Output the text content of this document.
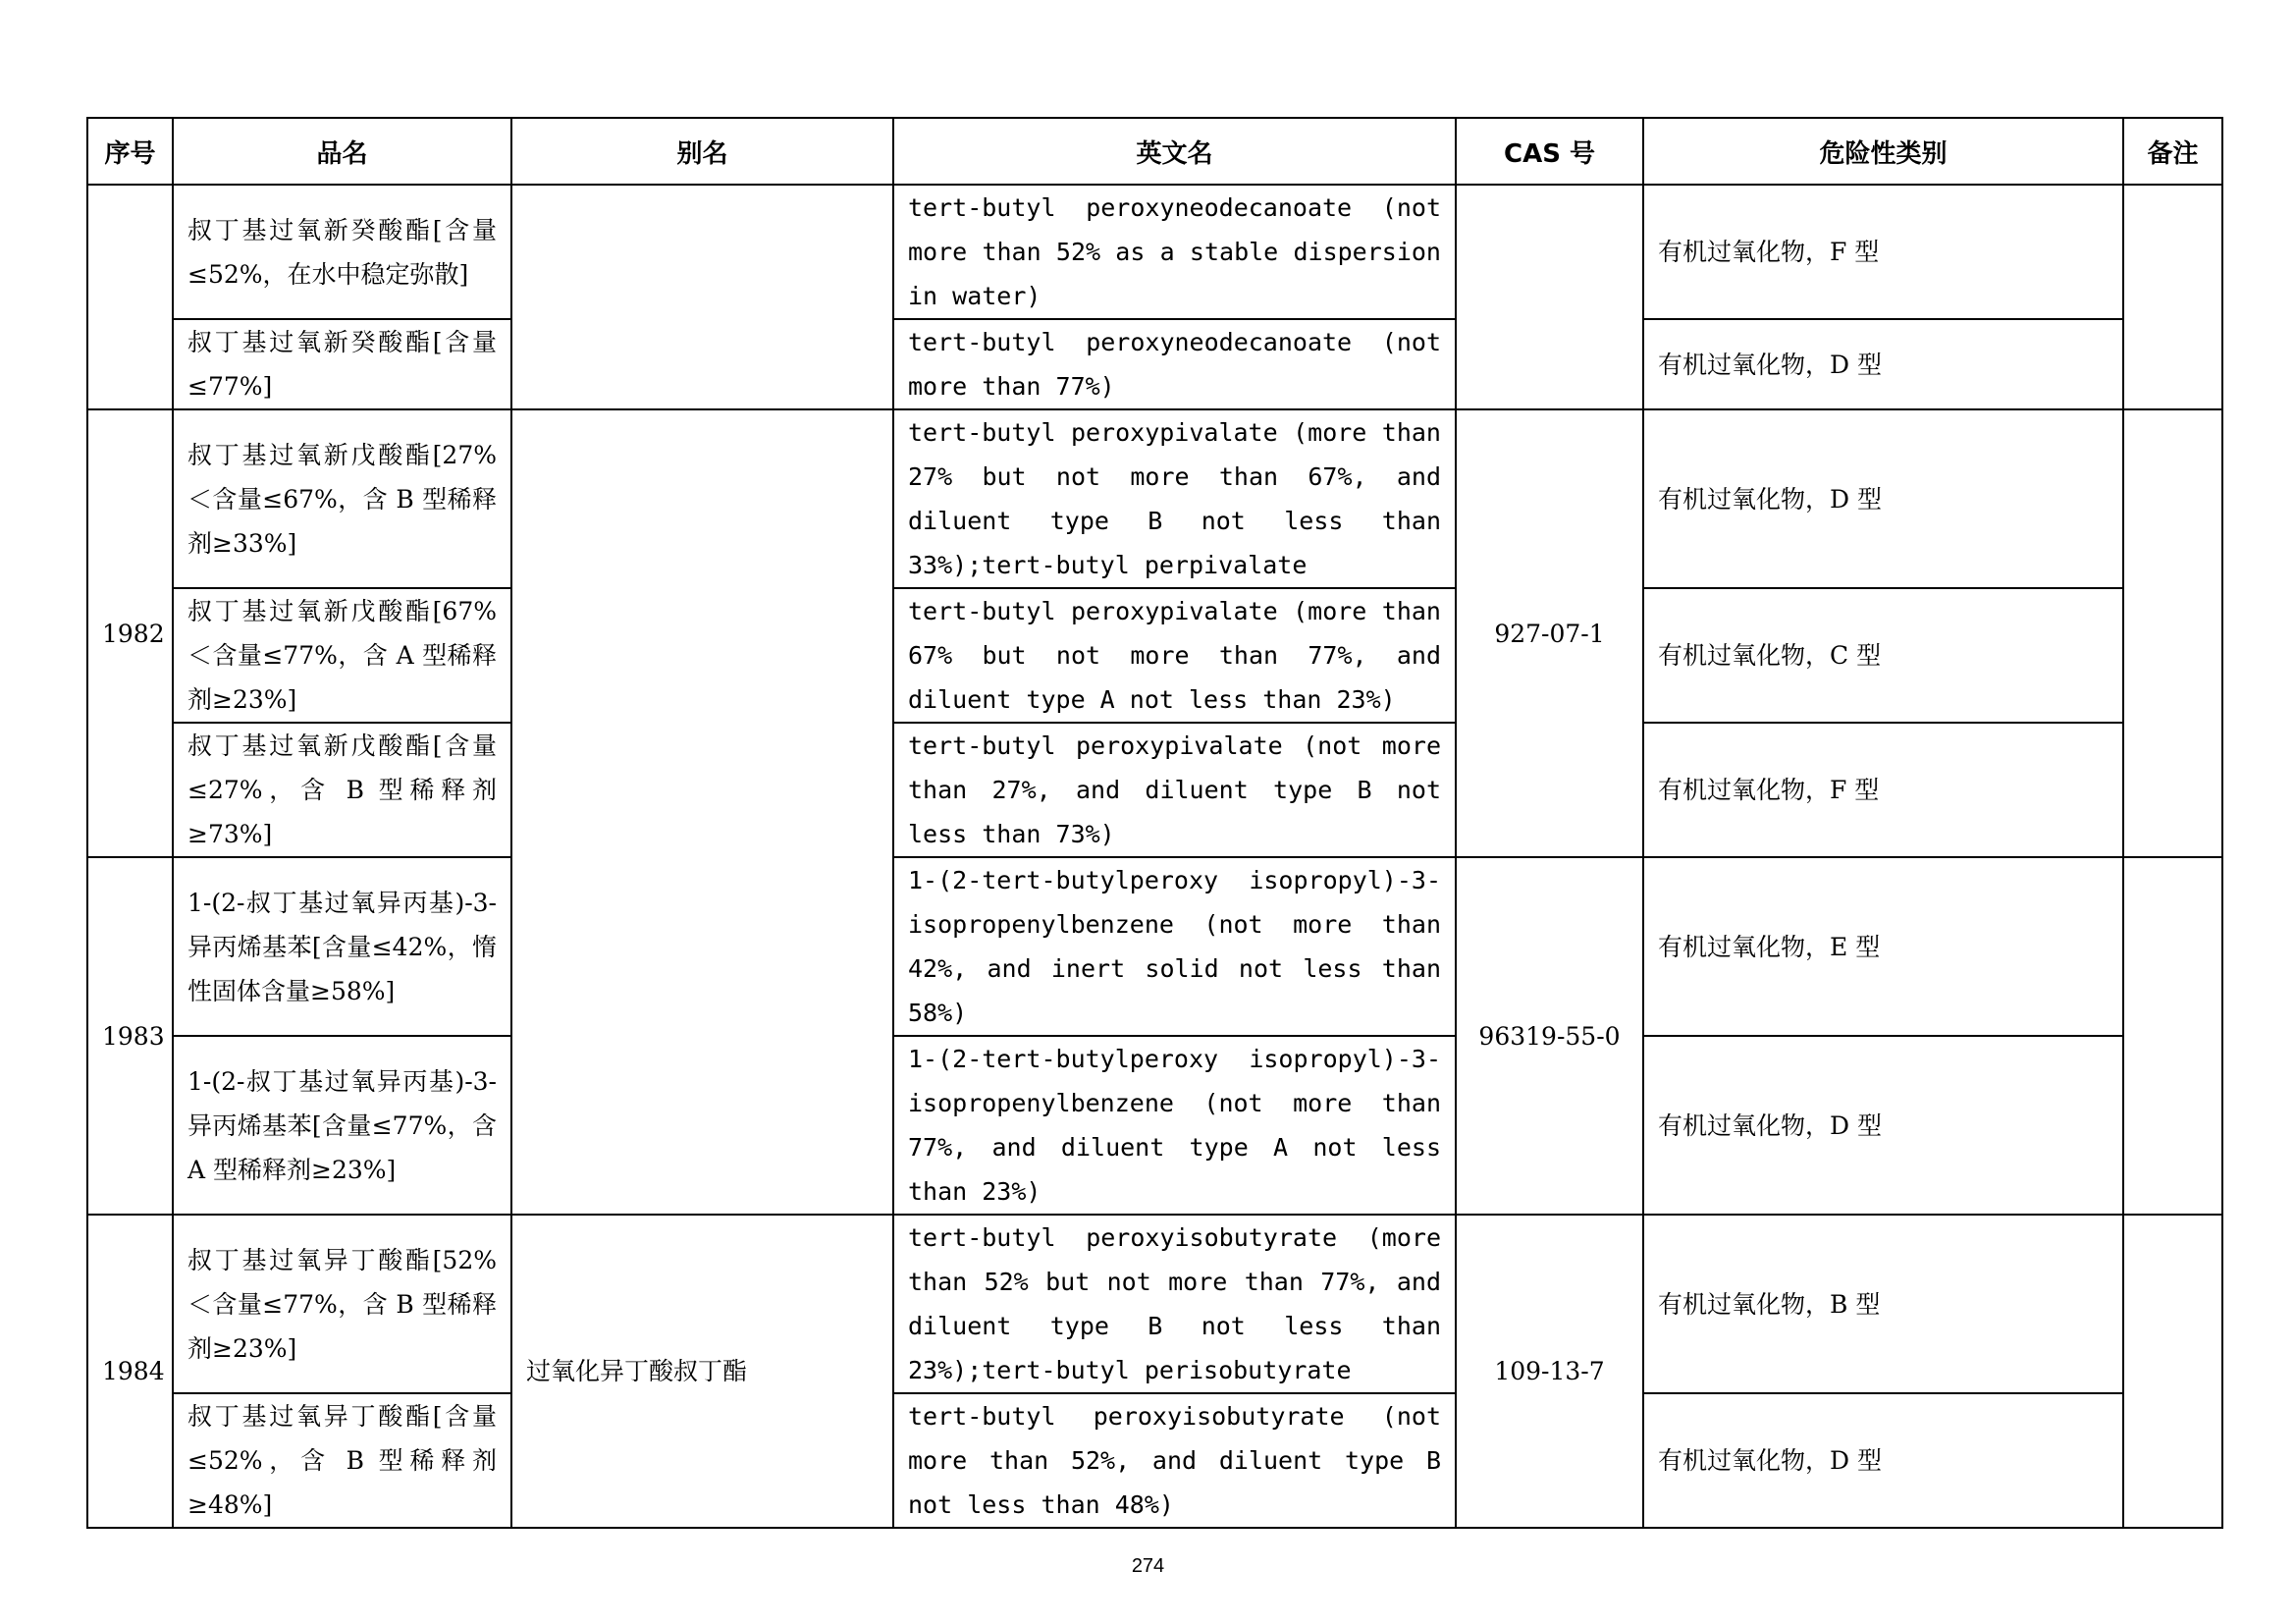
序号	品名	别名	英文名	CAS 号	危险性类别	备注
	叔丁基过氧新癸酸酯[含量≤52%，在水中稳定弥散]		tert-butyl peroxyneodecanoate (not more than 52% as a stable dispersion in water)		有机过氧化物，F 型	
	叔丁基过氧新癸酸酯[含量≤77%]		tert-butyl peroxyneodecanoate (not more than 77%)		有机过氧化物，D 型	
1982	叔丁基过氧新戊酸酯[27%＜含量≤67%，含 B 型稀释剂≥33%]		tert-butyl peroxypivalate (more than 27% but not more than 67%, and diluent type B not less than 33%);tert-butyl perpivalate	927-07-1	有机过氧化物，D 型	
	叔丁基过氧新戊酸酯[67%＜含量≤77%，含 A 型稀释剂≥23%]		tert-butyl peroxypivalate (more than 67% but not more than 77%, and diluent type A not less than 23%)		有机过氧化物，C 型	
	叔丁基过氧新戊酸酯[含量≤27%，含 B 型稀释剂≥73%]		tert-butyl peroxypivalate (not more than 27%, and diluent type B not less than 73%)		有机过氧化物，F 型	
1983	1-(2-叔丁基过氧异丙基)-3-异丙烯基苯[含量≤42%，惰性固体含量≥58%]		1-(2-tert-butylperoxy isopropyl)-3-isopropenylbenzene (not more than 42%, and inert solid not less than 58%)	96319-55-0	有机过氧化物，E 型	
	1-(2-叔丁基过氧异丙基)-3-异丙烯基苯[含量≤77%，含 A 型稀释剂≥23%]		1-(2-tert-butylperoxy isopropyl)-3-isopropenylbenzene (not more than 77%, and diluent type A not less than 23%)		有机过氧化物，D 型	
1984	叔丁基过氧异丁酸酯[52%＜含量≤77%，含 B 型稀释剂≥23%]	过氧化异丁酸叔丁酯	tert-butyl peroxyisobutyrate (more than 52% but not more than 77%, and diluent type B not less than 23%);tert-butyl perisobutyrate	109-13-7	有机过氧化物，B 型	
	叔丁基过氧异丁酸酯[含量≤52%，含 B 型稀释剂≥48%]		tert-butyl peroxyisobutyrate (not more than 52%, and diluent type B not less than 48%)		有机过氧化物，D 型	
274
